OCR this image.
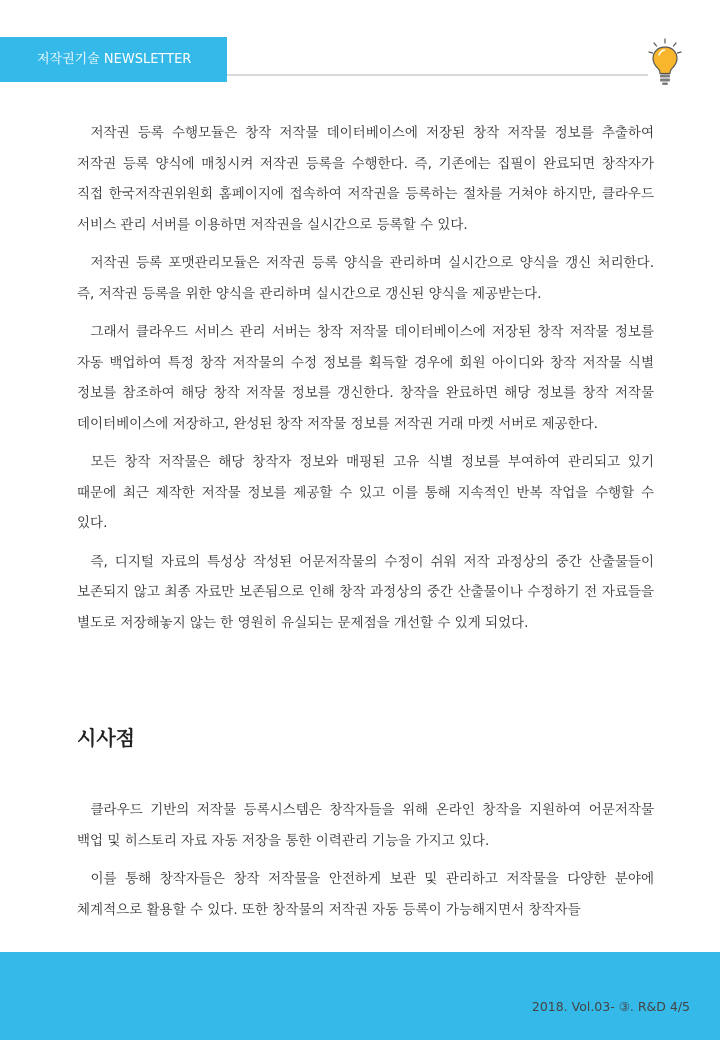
저작권기술 NEWSLETTER

저작권 등록 수행모듈은 창작 저작물 데이터베이스에 저장된 창작 저작물 정보를 추출하여 저작권 등록 양식에 매칭시켜 저작권 등록을 수행한다. 즉, 기존에는 집필이 완료되면 창작자가 직접 한국저작권위원회 홈페이지에 접속하여 저작권을 등록하는 절차를 거쳐야 하지만, 클라우드 서비스 관리 서버를 이용하면 저작권을 실시간으로 등록할 수 있다.

저작권 등록 포맷관리모듈은 저작권 등록 양식을 관리하며 실시간으로 양식을 갱신 처리한다. 즉, 저작권 등록을 위한 양식을 관리하며 실시간으로 갱신된 양식을 제공받는다.

그래서 클라우드 서비스 관리 서버는 창작 저작물 데이터베이스에 저장된 창작 저작물 정보를 자동 백업하여 특정 창작 저작물의 수정 정보를 획득할 경우에 회원 아이디와 창작 저작물 식별 정보를 참조하여 해당 창작 저작물 정보를 갱신한다. 창작을 완료하면 해당 정보를 창작 저작물 데이터베이스에 저장하고, 완성된 창작 저작물 정보를 저작권 거래 마켓 서버로 제공한다.

모든 창작 저작물은 해당 창작자 정보와 매핑된 고유 식별 정보를 부여하여 관리되고 있기 때문에 최근 제작한 저작물 정보를 제공할 수 있고 이를 통해 지속적인 반복 작업을 수행할 수 있다.

즉, 디지털 자료의 특성상 작성된 어문저작물의 수정이 쉬워 저작 과정상의 중간 산출물들이 보존되지 않고 최종 자료만 보존됨으로 인해 창작 과정상의 중간 산출물이나 수정하기 전 자료들을 별도로 저장해놓지 않는 한 영원히 유실되는 문제점을 개선할 수 있게 되었다.

시사점

클라우드 기반의 저작물 등록시스템은 창작자들을 위해 온라인 창작을 지원하여 어문저작물 백업 및 히스토리 자료 자동 저장을 통한 이력관리 기능을 가지고 있다.

이를 통해 창작자들은 창작 저작물을 안전하게 보관 및 관리하고 저작물을 다양한 분야에 체계적으로 활용할 수 있다. 또한 창작물의 저작권 자동 등록이 가능해지면서 창작자들

2018. Vol.03- ③. R&D 4/5
